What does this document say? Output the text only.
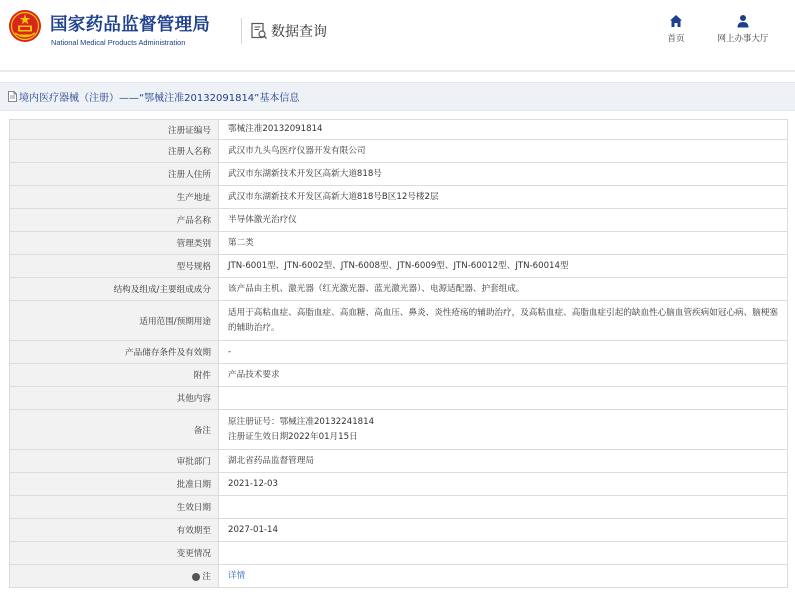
国家药品监督管理局
National Medical Products Administration
数据查询	首页	网上办事大厅
境内医疗器械（注册）——“鄂械注准20132091814”基本信息
注册证编号	鄂械注准20132091814
注册人名称	武汉市九头鸟医疗仪器开发有限公司
注册人住所	武汉市东湖新技术开发区高新大道818号
生产地址	武汉市东湖新技术开发区高新大道818号B区12号楼2层
产品名称	半导体激光治疗仪
管理类别	第二类
型号规格	JTN-6001型、JTN-6002型、JTN-6008型、JTN-6009型、JTN-60012型、JTN-60014型
结构及组成/主要组成成分	该产品由主机、激光器（红光激光器、蓝光激光器）、电源适配器、护套组成。
适用范围/预期用途	适用于高粘血症、高脂血症、高血糖、高血压、鼻炎、炎性疮疡的辅助治疗，及高粘血症、高脂血症引起的缺血性心脑血管疾病如冠心病、脑梗塞的辅助治疗。
产品储存条件及有效期	-
附件	产品技术要求
其他内容	
备注	原注册证号：鄂械注准20132241814
注册证生效日期2022年01月15日

审批部门	湖北省药品监督管理局
批准日期	2021-12-03
生效日期	
有效期至	2027-01-14
变更情况	
注	详情
